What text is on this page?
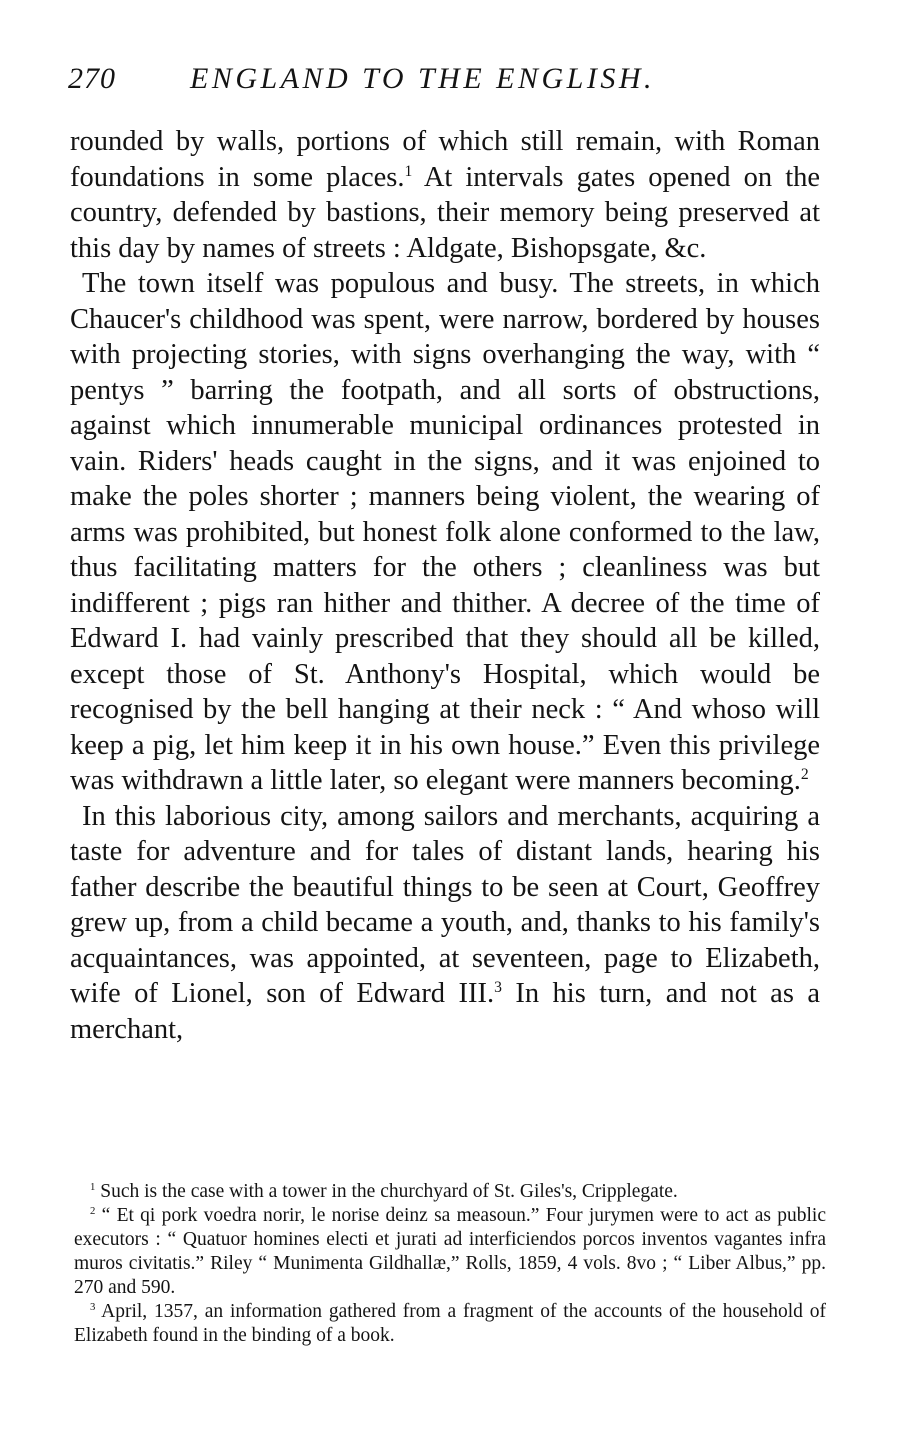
270 ENGLAND TO THE ENGLISH.

rounded by walls, portions of which still remain, with Roman foundations in some places.$^1$ At intervals gates opened on the country, defended by bastions, their memory being preserved at this day by names of streets : Aldgate, Bishopsgate, &c.

The town itself was populous and busy. The streets, in which Chaucer's childhood was spent, were narrow, bordered by houses with projecting stories, with signs overhanging the way, with “ pentys ” barring the footpath, and all sorts of obstructions, against which innumerable municipal ordinances protested in vain. Riders' heads caught in the signs, and it was enjoined to make the poles shorter ; manners being violent, the wearing of arms was prohibited, but honest folk alone conformed to the law, thus facilitating matters for the others ; cleanliness was but indifferent ; pigs ran hither and thither. A decree of the time of Edward I. had vainly prescribed that they should all be killed, except those of St. Anthony's Hospital, which would be recognised by the bell hanging at their neck : “ And whoso will keep a pig, let him keep it in his own house.” Even this privilege was withdrawn a little later, so elegant were manners becoming.$^2$

In this laborious city, among sailors and merchants, acquiring a taste for adventure and for tales of distant lands, hearing his father describe the beautiful things to be seen at Court, Geoffrey grew up, from a child became a youth, and, thanks to his family's acquaintances, was appointed, at seventeen, page to Elizabeth, wife of Lionel, son of Edward III.$^3$ In his turn, and not as a merchant,

$^1$ Such is the case with a tower in the churchyard of St. Giles's, Cripplegate.

$^2$ “ Et qi pork voedra norir, le norise deinz sa measoun.” Four jurymen were to act as public executors : “ Quatuor homines electi et jurati ad interficiendos porcos inventos vagantes infra muros civitatis.” Riley “ Munimenta Gildhallæ,” Rolls, 1859, 4 vols. 8vo ; “ Liber Albus,” pp. 270 and 590.

$^3$ April, 1357, an information gathered from a fragment of the accounts of the household of Elizabeth found in the binding of a book.
